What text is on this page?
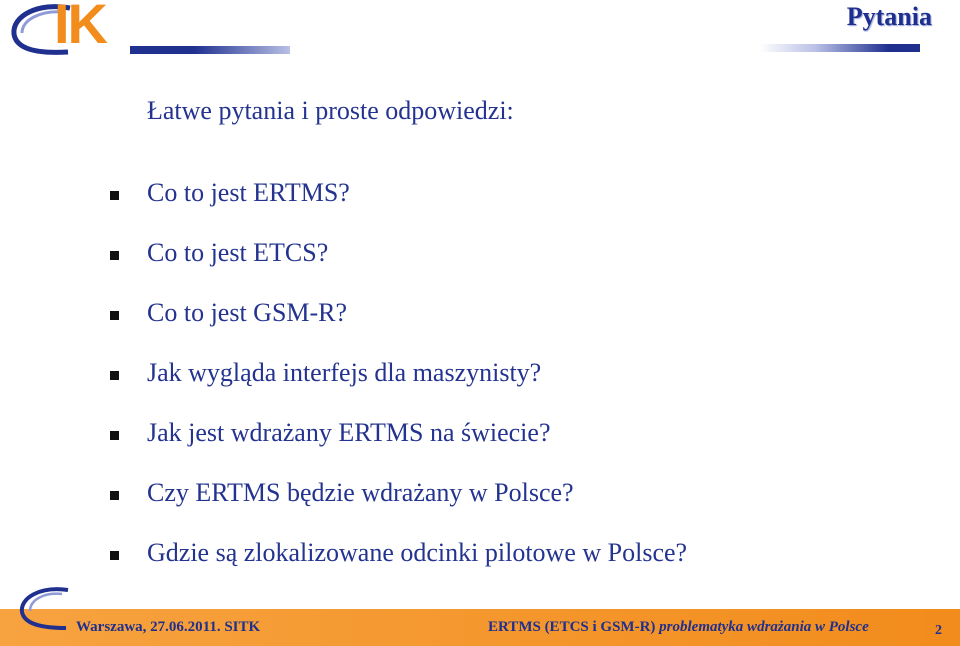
IK	Pytania
Łatwe pytania i proste odpowiedzi:
Co to jest ERTMS?
Co to jest ETCS?
Co to jest GSM-R?
Jak wygląda interfejs dla maszynisty?
Jak jest wdrażany ERTMS na świecie?
Czy ERTMS będzie wdrażany w Polsce?
Gdzie są zlokalizowane odcinki pilotowe w Polsce?
Warszawa, 27.06.2011. SITK	ERTMS (ETCS i GSM-R) problematyka wdrażania w Polsce	2
